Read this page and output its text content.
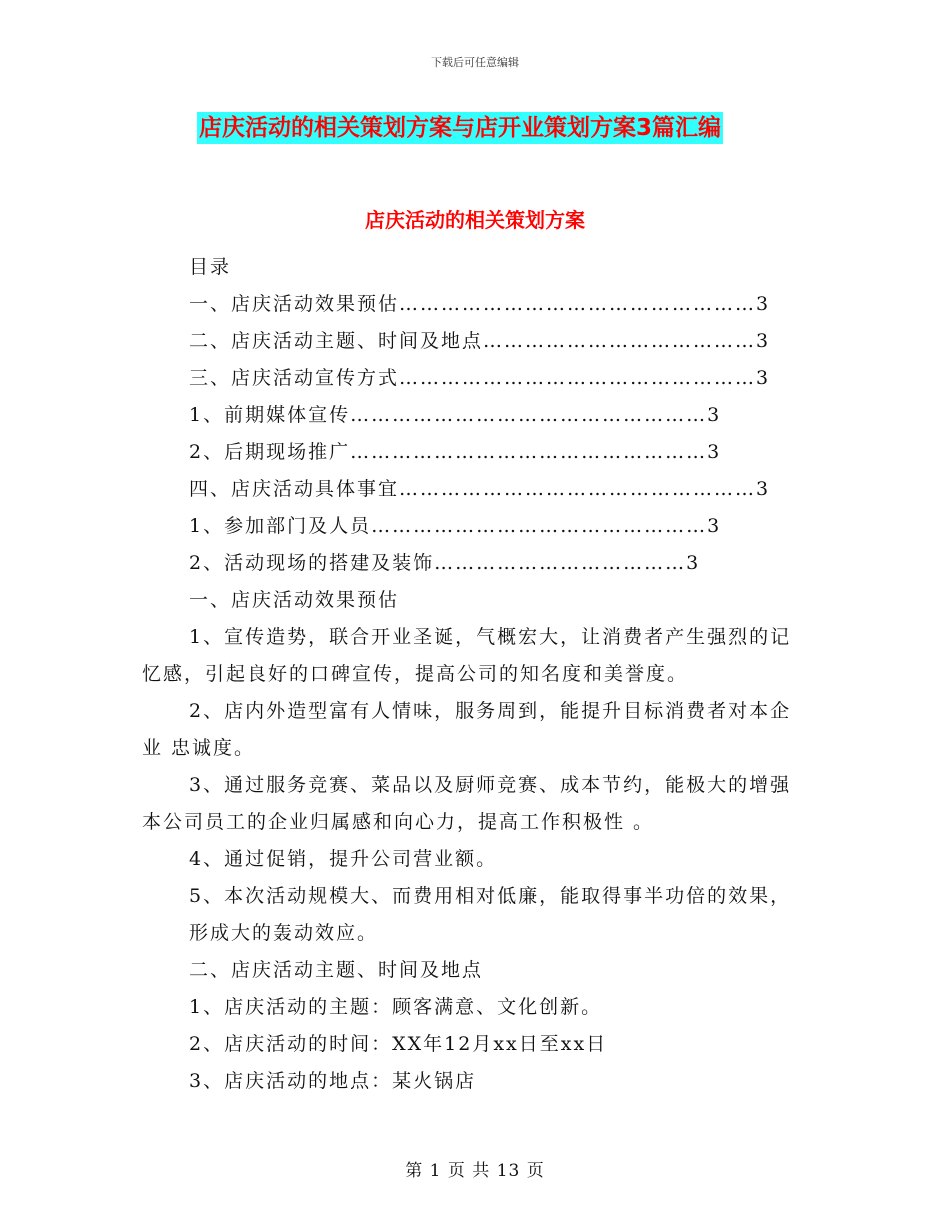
下载后可任意编辑
店庆活动的相关策划方案与店开业策划方案3篇汇编
店庆活动的相关策划方案
目录
一、店庆活动效果预估……………………………………………3
二、店庆活动主题、时间及地点…………………………………3
三、店庆活动宣传方式……………………………………………3
1、前期媒体宣传……………………………………………3
2、后期现场推广……………………………………………3
四、店庆活动具体事宜……………………………………………3
1、参加部门及人员…………………………………………3
2、活动现场的搭建及装饰………………………………3
一、店庆活动效果预估
1、宣传造势，联合开业圣诞，气概宏大，让消费者产生强烈的记
忆感，引起良好的口碑宣传，提高公司的知名度和美誉度。
2、店内外造型富有人情味，服务周到，能提升目标消费者对本企
业 忠诚度。
3、通过服务竞赛、菜品以及厨师竞赛、成本节约，能极大的增强
本公司员工的企业归属感和向心力，提高工作积极性 。
4、通过促销，提升公司营业额。
5、本次活动规模大、而费用相对低廉，能取得事半功倍的效果，
形成大的轰动效应。
二、店庆活动主题、时间及地点
1、店庆活动的主题：顾客满意、文化创新。
2、店庆活动的时间：XX年12月xx日至xx日
3、店庆活动的地点：某火锅店
第 1 页 共 13 页
